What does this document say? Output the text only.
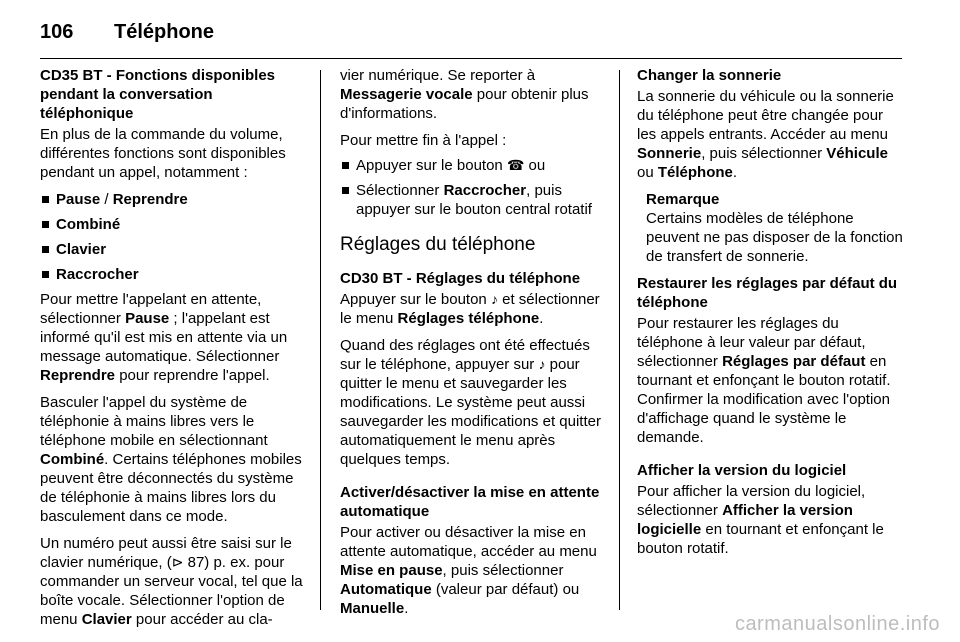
106 Téléphone
CD35 BT - Fonctions disponibles
pendant la conversation
téléphonique

En plus de la commande du volume, différentes fonctions sont disponibles pendant un appel, notamment :

Pause / Reprendre
Combiné
Clavier
Raccrocher

Pour mettre l'appelant en attente, sélectionner Pause ; l'appelant est informé qu'il est mis en attente via un message automatique. Sélectionner Reprendre pour reprendre l'appel.

Basculer l'appel du système de téléphonie à mains libres vers le téléphone mobile en sélectionnant Combiné. Certains téléphones mobiles peuvent être déconnectés du système de téléphonie à mains libres lors du basculement dans ce mode.

Un numéro peut aussi être saisi sur le clavier numérique, (⊳ 87) p. ex. pour commander un serveur vocal, tel que la boîte vocale. Sélectionner l'option de menu Clavier pour accéder au cla-

vier numérique. Se reporter à Messagerie vocale pour obtenir plus d'informations.

Pour mettre fin à l'appel :

Appuyer sur le bouton ☎ ou
Sélectionner Raccrocher, puis appuyer sur le bouton central rotatif
Réglages du téléphone
CD30 BT - Réglages du téléphone

Appuyer sur le bouton ♪ et sélectionner le menu Réglages téléphone.

Quand des réglages ont été effectués sur le téléphone, appuyer sur ♪ pour quitter le menu et sauvegarder les modifications. Le système peut aussi sauvegarder les modifications et quitter automatiquement le menu après quelques temps.

Activer/désactiver la mise en attente automatique

Pour activer ou désactiver la mise en attente automatique, accéder au menu Mise en pause, puis sélectionner Automatique (valeur par défaut) ou Manuelle.

Changer la sonnerie

La sonnerie du véhicule ou la sonnerie du téléphone peut être changée pour les appels entrants. Accéder au menu Sonnerie, puis sélectionner Véhicule ou Téléphone.

Remarque
Certains modèles de téléphone peuvent ne pas disposer de la fonction de transfert de sonnerie.
Restaurer les réglages par défaut du téléphone

Pour restaurer les réglages du téléphone à leur valeur par défaut, sélectionner Réglages par défaut en tournant et enfonçant le bouton rotatif. Confirmer la modification avec l'option d'affichage quand le système le demande.

Afficher la version du logiciel

Pour afficher la version du logiciel, sélectionner Afficher la version logicielle en tournant et enfonçant le bouton rotatif.

carmanualsonline.info
